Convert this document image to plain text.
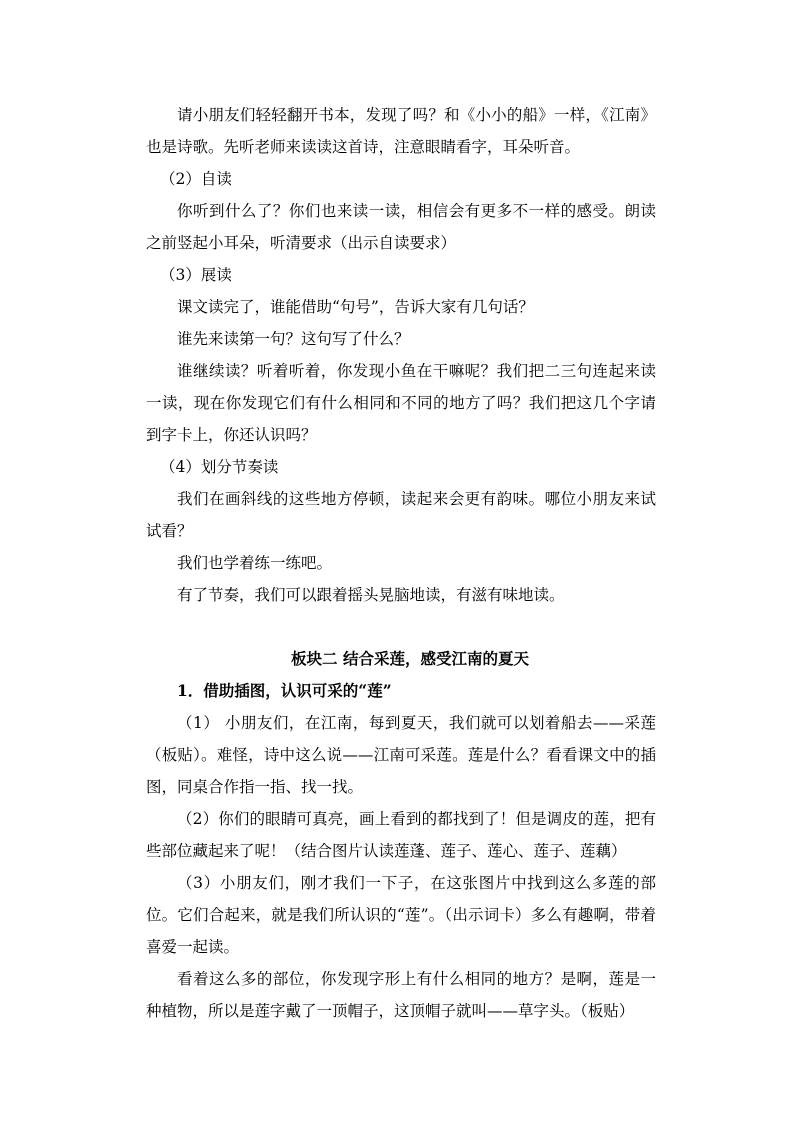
请小朋友们轻轻翻开书本，发现了吗？和《小小的船》一样，《江南》也是诗歌。先听老师来读读这首诗，注意眼睛看字，耳朵听音。

（2）自读

你听到什么了？你们也来读一读，相信会有更多不一样的感受。朗读之前竖起小耳朵，听清要求（出示自读要求）

（3）展读

课文读完了，谁能借助“句号”，告诉大家有几句话？

谁先来读第一句？这句写了什么？

谁继续读？听着听着，你发现小鱼在干嘛呢？我们把二三句连起来读一读，现在你发现它们有什么相同和不同的地方了吗？我们把这几个字请到字卡上，你还认识吗？

（4）划分节奏读

我们在画斜线的这些地方停顿，读起来会更有韵味。哪位小朋友来试试看？

我们也学着练一练吧。

有了节奏，我们可以跟着摇头晃脑地读，有滋有味地读。

板块二 结合采莲，感受江南的夏天

1．借助插图，认识可采的“莲”

（1） 小朋友们，在江南，每到夏天，我们就可以划着船去——采莲（板贴）。难怪，诗中这么说——江南可采莲。莲是什么？看看课文中的插图，同桌合作指一指、找一找。

（2）你们的眼睛可真亮，画上看到的都找到了！但是调皮的莲，把有些部位藏起来了呢！（结合图片认读莲蓬、莲子、莲心、莲子、莲藕）

（3）小朋友们，刚才我们一下子，在这张图片中找到这么多莲的部位。它们合起来，就是我们所认识的“莲”。（出示词卡）多么有趣啊，带着喜爱一起读。

看着这么多的部位，你发现字形上有什么相同的地方？是啊，莲是一种植物，所以是莲字戴了一顶帽子，这顶帽子就叫——草字头。（板贴）
